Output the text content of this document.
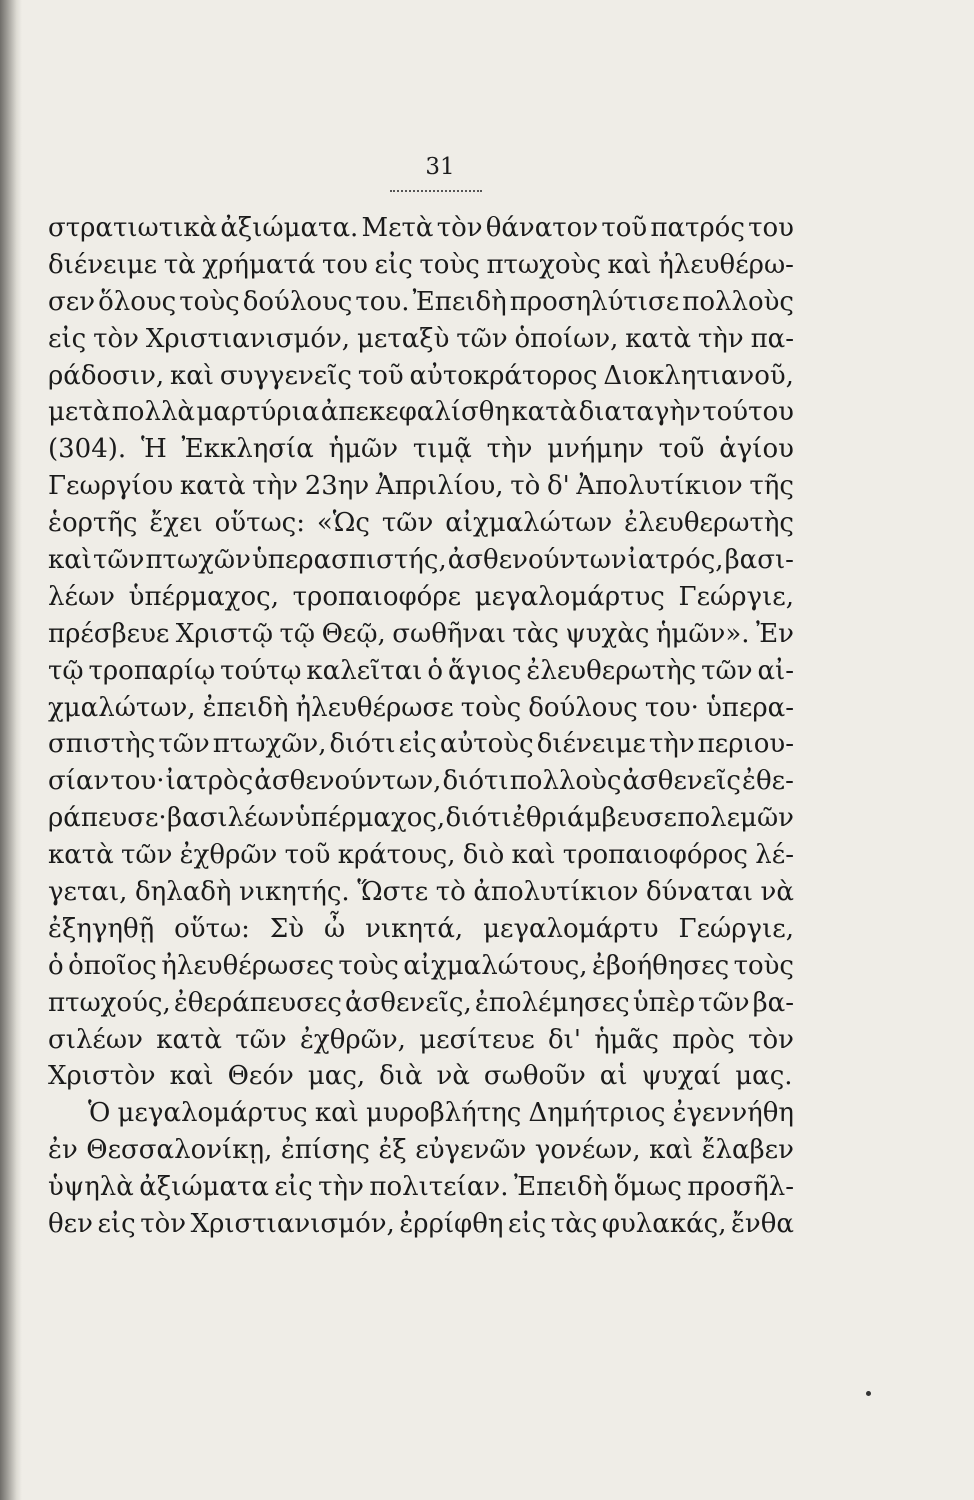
31
στρατιωτικὰ ἀξιώματα. Μετὰ τὸν θάνατον τοῦ πατρός του
διένειμε τὰ χρήματά του εἰς τοὺς πτωχοὺς καὶ ἠλευθέρω-
σεν ὅλους τοὺς δούλους του. Ἐπειδὴ προσηλύτισε πολλοὺς
εἰς τὸν Χριστιανισμόν, μεταξὺ τῶν ὁποίων, κατὰ τὴν πα-
ράδοσιν, καὶ συγγενεῖς τοῦ αὐτοκράτορος Διοκλητιανοῦ,
μετὰ πολλὰ μαρτύρια ἀπεκεφαλίσθη κατὰ διαταγὴν τούτου
(304). Ἡ Ἐκκλησία ἡμῶν τιμᾷ τὴν μνήμην τοῦ ἁγίου
Γεωργίου κατὰ τὴν 23ην Ἀπριλίου, τὸ δ' Ἀπολυτίκιον τῆς
ἑορτῆς ἔχει οὕτως: «Ὡς τῶν αἰχμαλώτων ἐλευθερωτὴς
καὶ τῶν πτωχῶν ὑπερασπιστής, ἀσθενούντων ἰατρός, βασι-
λέων ὑπέρμαχος, τροπαιοφόρε μεγαλομάρτυς Γεώργιε,
πρέσβευε Χριστῷ τῷ Θεῷ, σωθῆναι τὰς ψυχὰς ἡμῶν». Ἐν
τῷ τροπαρίῳ τούτῳ καλεῖται ὁ ἅγιος ἐλευθερωτὴς τῶν αἰ-
χμαλώτων, ἐπειδὴ ἠλευθέρωσε τοὺς δούλους του· ὑπερα-
σπιστὴς τῶν πτωχῶν, διότι εἰς αὐτοὺς διένειμε τὴν περιου-
σίαν του· ἰατρὸς ἀσθενούντων, διότι πολλοὺς ἀσθενεῖς ἐθε-
ράπευσε· βασιλέων ὑπέρμαχος, διότι ἐθριάμβευσε πολεμῶν
κατὰ τῶν ἐχθρῶν τοῦ κράτους, διὸ καὶ τροπαιοφόρος λέ-
γεται, δηλαδὴ νικητής. Ὥστε τὸ ἀπολυτίκιον δύναται νὰ
ἐξηγηθῇ οὕτω: Σὺ ὦ νικητά, μεγαλομάρτυ Γεώργιε,
ὁ ὁποῖος ἠλευθέρωσες τοὺς αἰχμαλώτους, ἐβοήθησες τοὺς
πτωχούς, ἐθεράπευσες ἀσθενεῖς, ἐπολέμησες ὑπὲρ τῶν βα-
σιλέων κατὰ τῶν ἐχθρῶν, μεσίτευε δι' ἡμᾶς πρὸς τὸν
Χριστὸν καὶ Θεόν μας, διὰ νὰ σωθοῦν αἱ ψυχαί μας.
Ὁ μεγαλομάρτυς καὶ μυροβλήτης Δημήτριος ἐγεννήθη
ἐν Θεσσαλονίκῃ, ἐπίσης ἐξ εὐγενῶν γονέων, καὶ ἔλαβεν
ὑψηλὰ ἀξιώματα εἰς τὴν πολιτείαν. Ἐπειδὴ ὅμως προσῆλ-
θεν εἰς τὸν Χριστιανισμόν, ἐρρίφθη εἰς τὰς φυλακάς, ἔνθα
